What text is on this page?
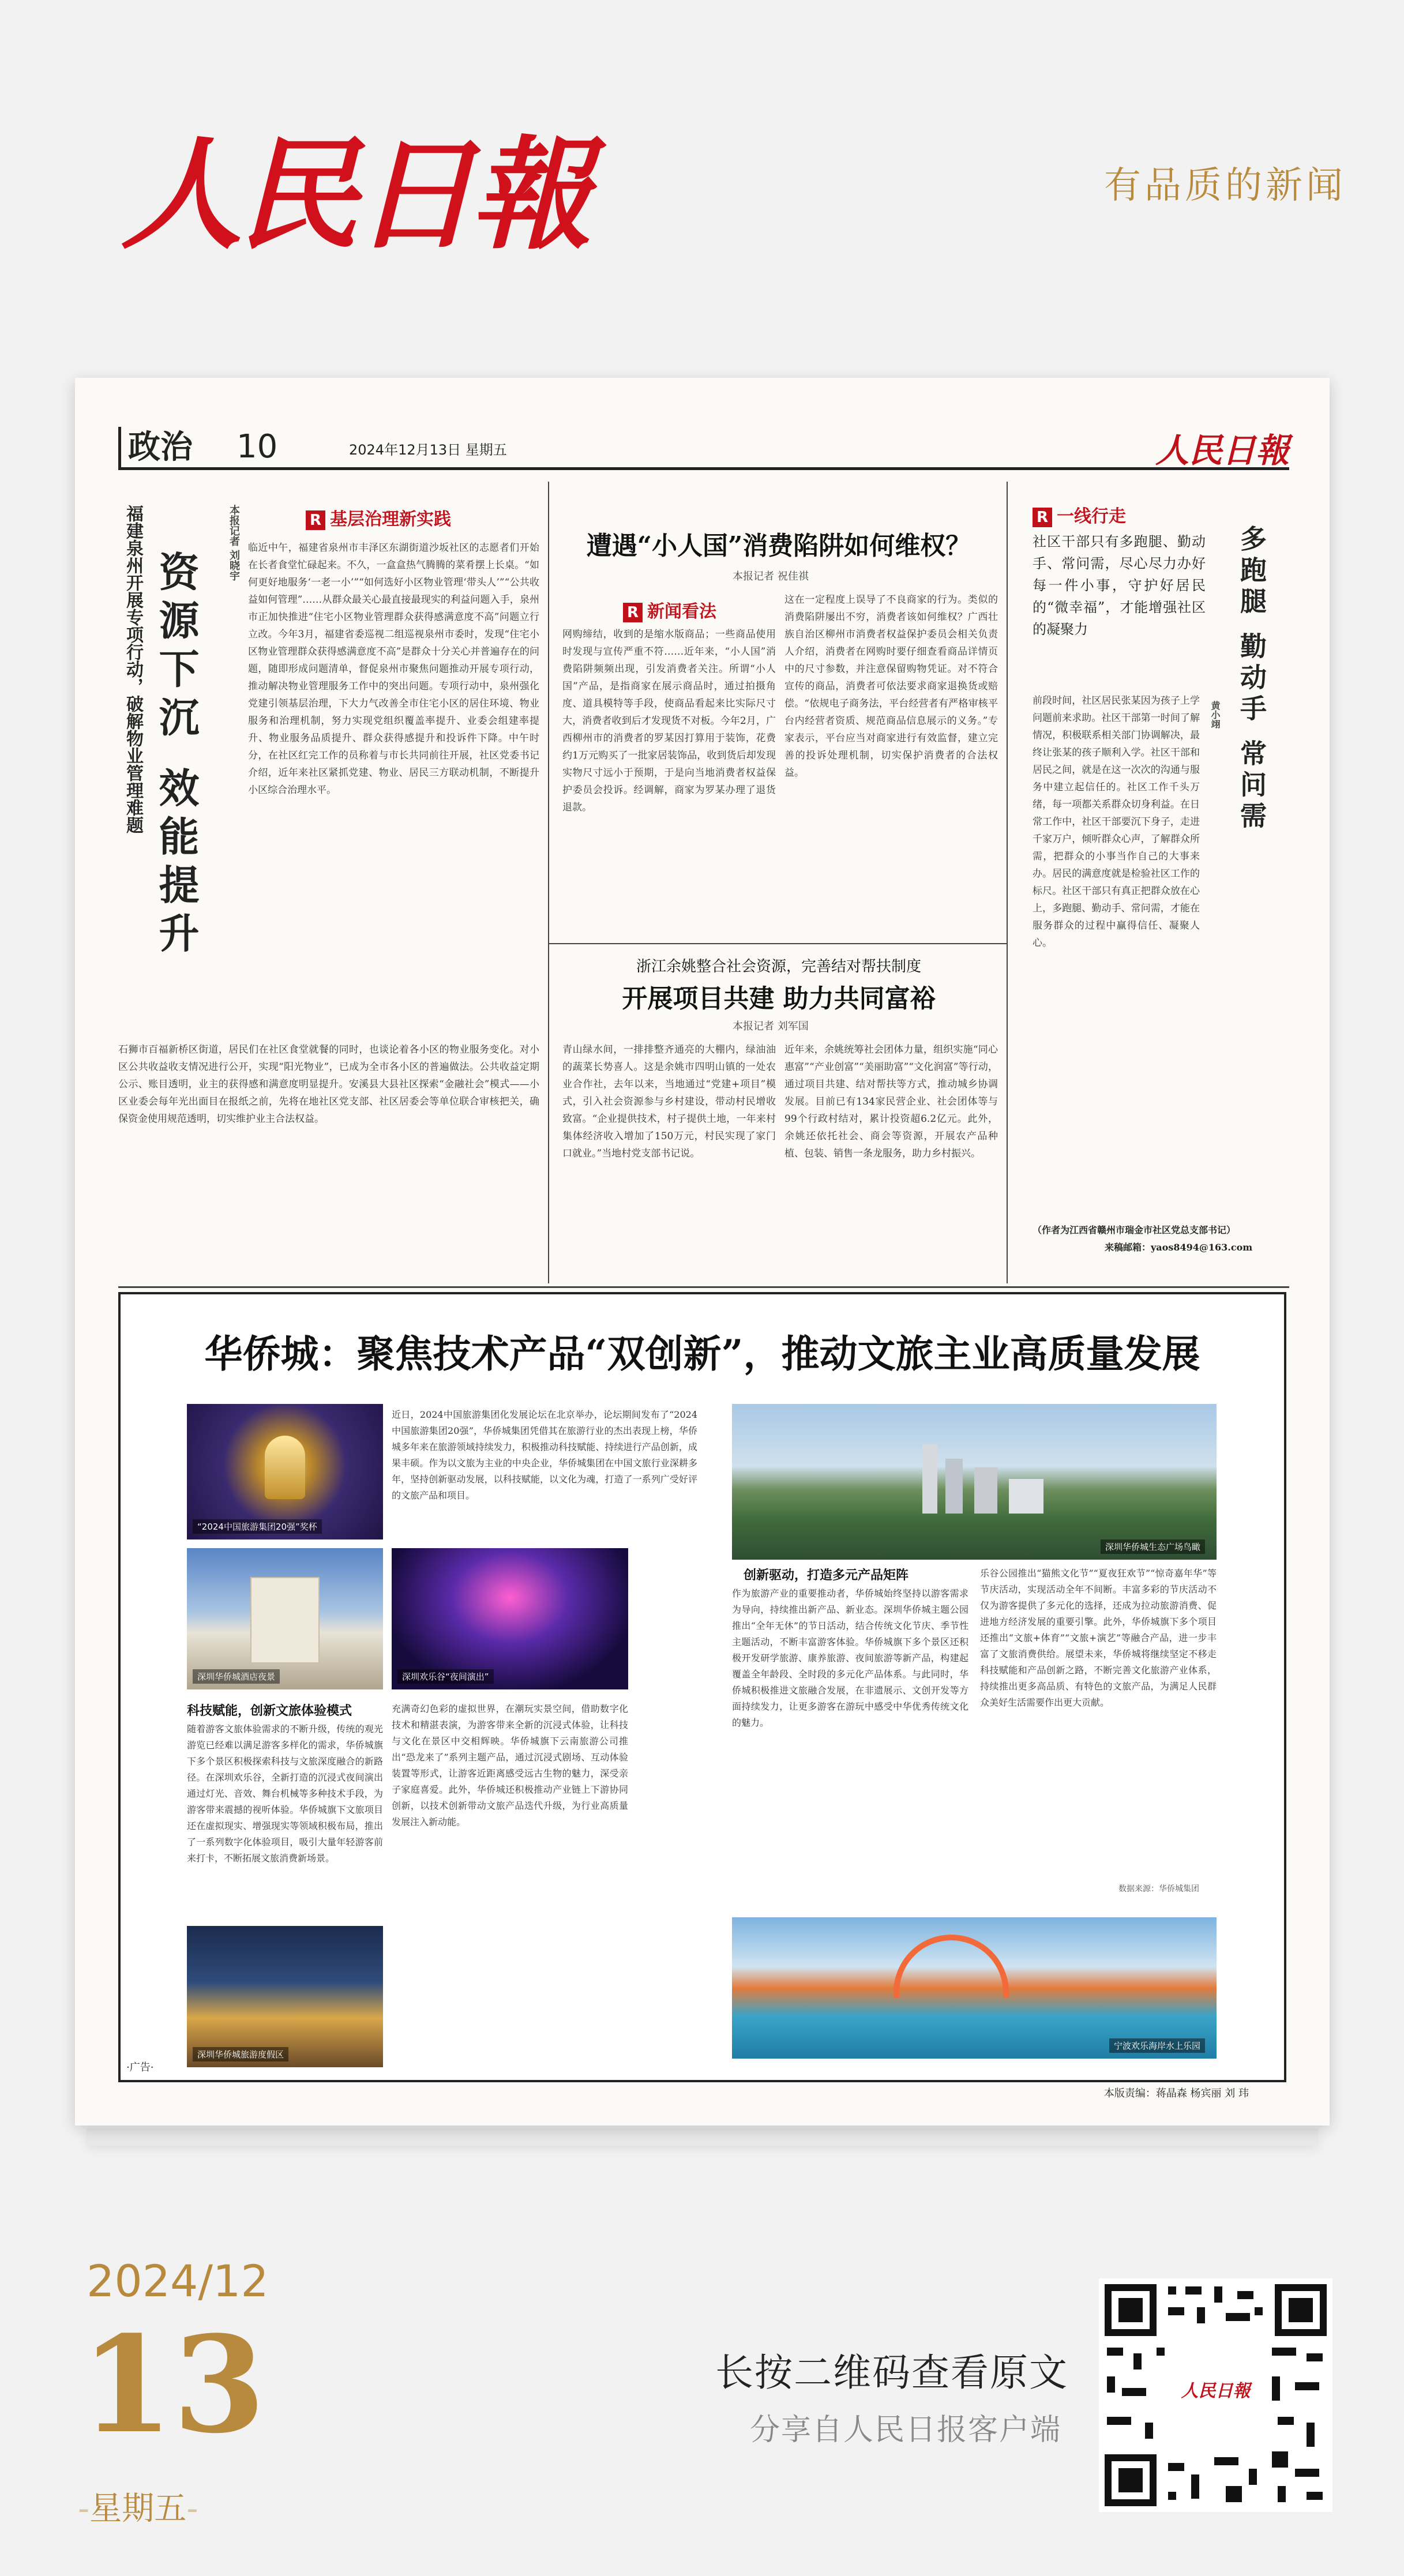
人民日報	有品质的新闻
政治 10	2024年12月13日 星期五	人民日報
福建泉州开展专项行动，破解物业管理难题 资源下沉 效能提升
本报记者 刘晓宇	R 基层治理新实践
临近中午，福建省泉州市丰泽区东湖街道沙坂社区的志愿者们开始在长者食堂忙碌起来。不久，一盒盒热气腾腾的菜肴摆上长桌。“如何更好地服务‘一老一小’”“如何选好小区物业管理‘带头人’”“公共收益如何管理”……从群众最关心最直接最现实的利益问题入手，泉州市正加快推进“住宅小区物业管理群众获得感满意度不高”问题立行立改。今年3月，福建省委巡视二组巡视泉州市委时，发现“住宅小区物业管理群众获得感满意度不高”是群众十分关心并普遍存在的问题，随即形成问题清单，督促泉州市聚焦问题推动开展专项行动，推动解决物业管理服务工作中的突出问题。专项行动中，泉州强化党建引领基层治理，下大力气改善全市住宅小区的居住环境、物业服务和治理机制，努力实现党组织覆盖率提升、业委会组建率提升、物业服务品质提升、群众获得感提升和投诉件下降。中午时分，在社区红完工作的员称着与市长共同前往开展，社区党委书记介绍，近年来社区紧抓党建、物业、居民三方联动机制，不断提升小区综合治理水平。
石狮市百福新桥区街道，居民们在社区食堂就餐的同时，也谈论着各小区的物业服务变化。对小区公共收益收支情况进行公开，实现“阳光物业”，已成为全市各小区的普遍做法。公共收益定期公示、账目透明，业主的获得感和满意度明显提升。安溪县大县社区探索“金融社会”模式——小区业委会每年光出面目在报纸之前，先将在地社区党支部、社区居委会等单位联合审核把关，确保资金使用规范透明，切实维护业主合法权益。
遭遇“小人国”消费陷阱如何维权？
本报记者 祝佳祺
R 新闻看法
网购缔结，收到的是缩水版商品；一些商品使用时发现与宣传严重不符……近年来，“小人国”消费陷阱频频出现，引发消费者关注。所谓“小人国”产品，是指商家在展示商品时，通过拍摄角度、道具模特等手段，使商品看起来比实际尺寸大，消费者收到后才发现货不对板。今年2月，广西柳州市的消费者的罗某因打算用于装饰，花费约1万元购买了一批家居装饰品，收到货后却发现实物尺寸远小于预期，于是向当地消费者权益保护委员会投诉。经调解，商家为罗某办理了退货退款。
这在一定程度上误导了不良商家的行为。类似的消费陷阱屡出不穷，消费者该如何维权？广西壮族自治区柳州市消费者权益保护委员会相关负责人介绍，消费者在网购时要仔细查看商品详情页中的尺寸参数，并注意保留购物凭证。对不符合宣传的商品，消费者可依法要求商家退换货或赔偿。“依规电子商务法，平台经营者有严格审核平台内经营者资质、规范商品信息展示的义务。”专家表示，平台应当对商家进行有效监督，建立完善的投诉处理机制，切实保护消费者的合法权益。
浙江余姚整合社会资源，完善结对帮扶制度
开展项目共建 助力共同富裕
本报记者 刘军国
青山绿水间，一排排整齐通亮的大棚内，绿油油的蔬菜长势喜人。这是余姚市四明山镇的一处农业合作社，去年以来，当地通过“党建+项目”模式，引入社会资源参与乡村建设，带动村民增收致富。“企业提供技术，村子提供土地，一年来村集体经济收入增加了150万元，村民实现了家门口就业。”当地村党支部书记说。
近年来，余姚统筹社会团体力量，组织实施“同心惠富”“产业创富”“美丽助富”“文化润富”等行动，通过项目共建、结对帮扶等方式，推动城乡协调发展。目前已有134家民营企业、社会团体等与99个行政村结对，累计投资超6.2亿元。此外，余姚还依托社会、商会等资源，开展农产品种植、包装、销售一条龙服务，助力乡村振兴。
R 一线行走
社区干部只有多跑腿、勤动手、常问需，尽心尽力办好每一件小事，守护好居民的“微幸福”，才能增强社区的凝聚力	多跑腿 勤动手 常问需
黄小翊
前段时间，社区居民张某因为孩子上学问题前来求助。社区干部第一时间了解情况，积极联系相关部门协调解决，最终让张某的孩子顺利入学。社区干部和居民之间，就是在这一次次的沟通与服务中建立起信任的。社区工作千头万绪，每一项都关系群众切身利益。在日常工作中，社区干部要沉下身子，走进千家万户，倾听群众心声，了解群众所需，把群众的小事当作自己的大事来办。居民的满意度就是检验社区工作的标尺。社区干部只有真正把群众放在心上，多跑腿、勤动手、常问需，才能在服务群众的过程中赢得信任、凝聚人心。
（作者为江西省赣州市瑞金市社区党总支部书记）
来稿邮箱：yaos8494@163.com
华侨城：聚焦技术产品“双创新”，推动文旅主业高质量发展
“2024中国旅游集团20强”奖杯
近日，2024中国旅游集团化发展论坛在北京举办，论坛期间发布了“2024中国旅游集团20强”，华侨城集团凭借其在旅游行业的杰出表现上榜，华侨城多年来在旅游领域持续发力，积极推动科技赋能、持续进行产品创新，成果丰硕。作为以文旅为主业的中央企业，华侨城集团在中国文旅行业深耕多年，坚持创新驱动发展，以科技赋能，以文化为魂，打造了一系列广受好评的文旅产品和项目。
深圳华侨城生态广场鸟瞰
深圳华侨城酒店夜景	深圳欢乐谷“夜间演出”
科技赋能，创新文旅体验模式
随着游客文旅体验需求的不断升级，传统的观光游览已经难以满足游客多样化的需求，华侨城旗下多个景区积极探索科技与文旅深度融合的新路径。在深圳欢乐谷，全新打造的沉浸式夜间演出通过灯光、音效、舞台机械等多种技术手段，为游客带来震撼的视听体验。华侨城旗下文旅项目还在虚拟现实、增强现实等领域积极布局，推出了一系列数字化体验项目，吸引大量年轻游客前来打卡，不断拓展文旅消费新场景。
充满奇幻色彩的虚拟世界，在潮玩实景空间，借助数字化技术和精湛表演，为游客带来全新的沉浸式体验，让科技与文化在景区中交相辉映。华侨城旗下云南旅游公司推出“恐龙来了”系列主题产品，通过沉浸式剧场、互动体验装置等形式，让游客近距离感受远古生物的魅力，深受亲子家庭喜爱。此外，华侨城还积极推动产业链上下游协同创新，以技术创新带动文旅产品迭代升级，为行业高质量发展注入新动能。
创新驱动，打造多元产品矩阵
作为旅游产业的重要推动者，华侨城始终坚持以游客需求为导向，持续推出新产品、新业态。深圳华侨城主题公园推出“全年无休”的节日活动，结合传统文化节庆、季节性主题活动，不断丰富游客体验。华侨城旗下多个景区还积极开发研学旅游、康养旅游、夜间旅游等新产品，构建起覆盖全年龄段、全时段的多元化产品体系。与此同时，华侨城积极推进文旅融合发展，在非遗展示、文创开发等方面持续发力，让更多游客在游玩中感受中华优秀传统文化的魅力。
乐谷公园推出“猫熊文化节”“夏夜狂欢节”“惊奇嘉年华”等节庆活动，实现活动全年不间断。丰富多彩的节庆活动不仅为游客提供了多元化的选择，还成为拉动旅游消费、促进地方经济发展的重要引擎。此外，华侨城旗下多个项目还推出“文旅+体育”“文旅+演艺”等融合产品，进一步丰富了文旅消费供给。展望未来，华侨城将继续坚定不移走科技赋能和产品创新之路，不断完善文化旅游产业体系，持续推出更多高品质、有特色的文旅产品，为满足人民群众美好生活需要作出更大贡献。
数据来源：华侨城集团
深圳华侨城旅游度假区
宁波欢乐海岸水上乐园
·广告·
本版责编：蒋晶森 杨宾丽 刘 玮
2024/12
13
-星期五-
长按二维码查看原文
分享自人民日报客户端
人民日報
